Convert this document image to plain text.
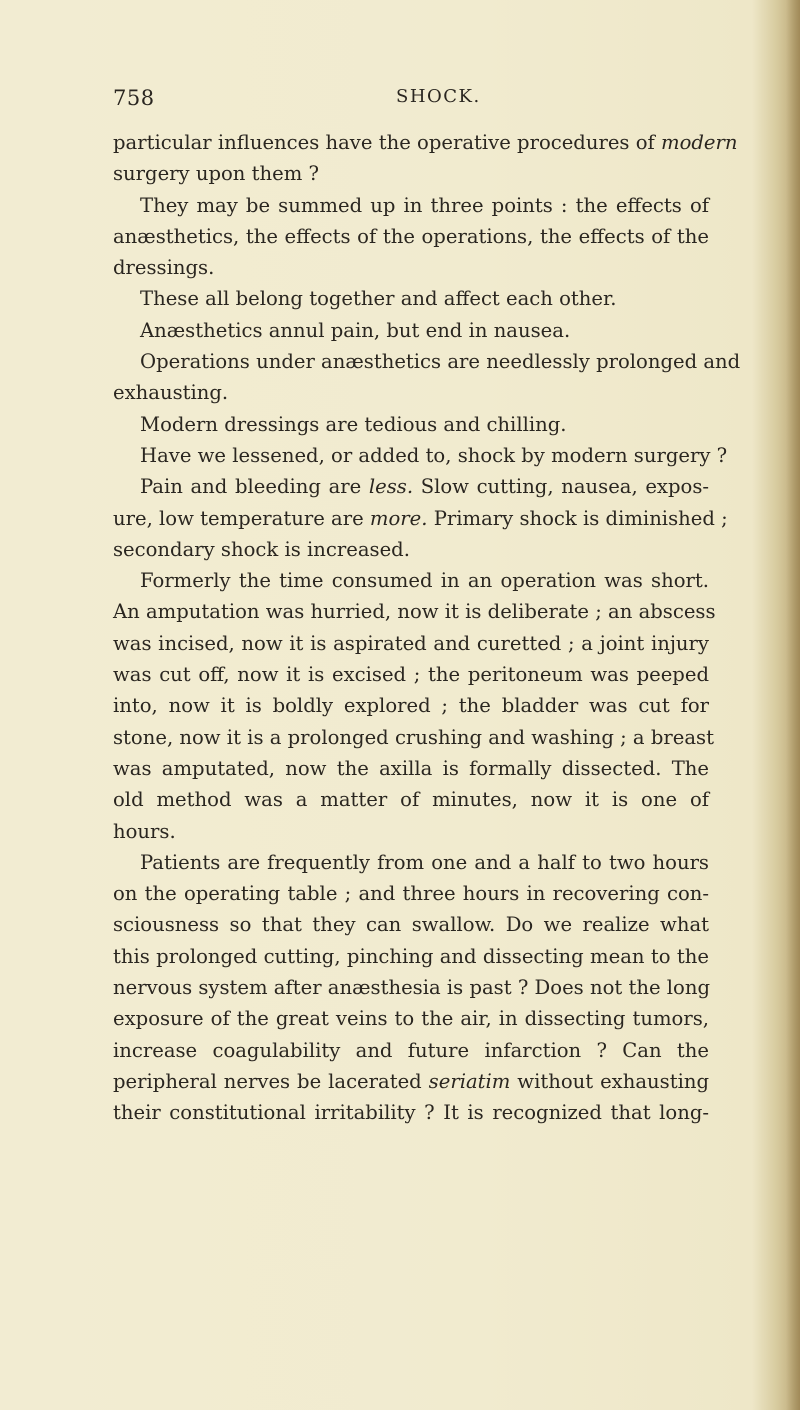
758	SHOCK.
particular influences have the operative procedures of modern
surgery upon them ?
They may be summed up in three points : the effects of
anæsthetics, the effects of the operations, the effects of the
dressings.
These all belong together and affect each other.
Anæsthetics annul pain, but end in nausea.
Operations under anæsthetics are needlessly prolonged and
exhausting.
Modern dressings are tedious and chilling.
Have we lessened, or added to, shock by modern surgery ?
Pain and bleeding are less. Slow cutting, nausea, expos-
ure, low temperature are more. Primary shock is diminished ;
secondary shock is increased.
Formerly the time consumed in an operation was short.
An amputation was hurried, now it is deliberate ; an abscess
was incised, now it is aspirated and curetted ; a joint injury
was cut off, now it is excised ; the peritoneum was peeped
into, now it is boldly explored ; the bladder was cut for
stone, now it is a prolonged crushing and washing ; a breast
was amputated, now the axilla is formally dissected. The
old method was a matter of minutes, now it is one of
hours.
Patients are frequently from one and a half to two hours
on the operating table ; and three hours in recovering con-
sciousness so that they can swallow. Do we realize what
this prolonged cutting, pinching and dissecting mean to the
nervous system after anæsthesia is past ? Does not the long
exposure of the great veins to the air, in dissecting tumors,
increase coagulability and future infarction ? Can the
peripheral nerves be lacerated seriatim without exhausting
their constitutional irritability ? It is recognized that long-
